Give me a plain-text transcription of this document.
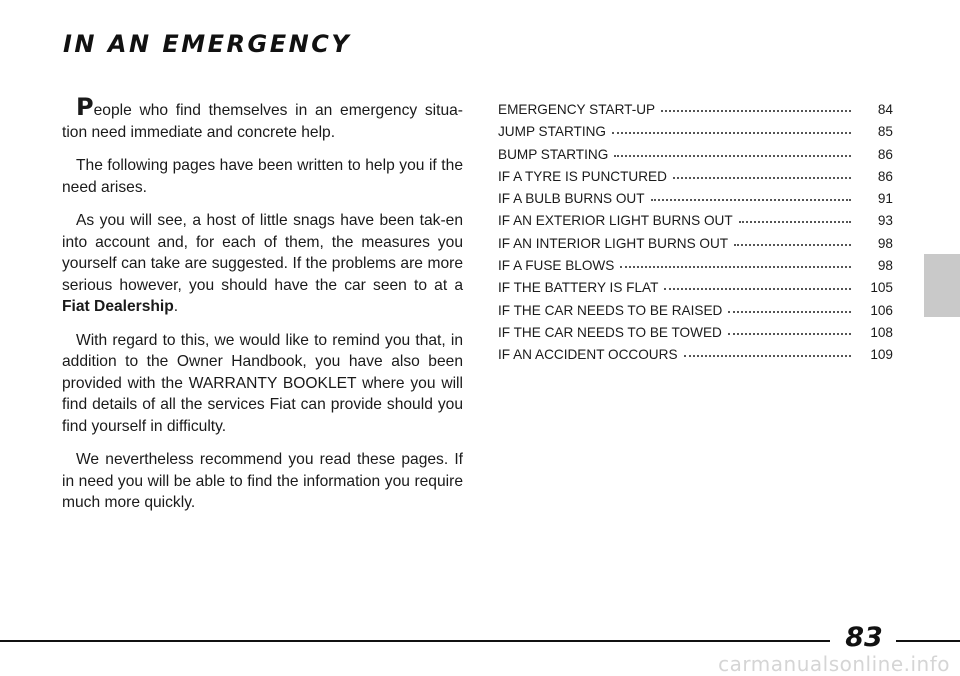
IN AN EMERGENCY

People who find themselves in an emergency situa-tion need immediate and concrete help.

The following pages have been written to help you if the need arises.

As you will see, a host of little snags have been tak-en into account and, for each of them, the measures you yourself can take are suggested. If the problems are more serious however, you should have the car seen to at a Fiat Dealership.

With regard to this, we would like to remind you that, in addition to the Owner Handbook, you have also been provided with the WARRANTY BOOKLET where you will find details of all the services Fiat can provide should you find yourself in difficulty.

We nevertheless recommend you read these pages. If in need you will be able to find the information you require much more quickly.

EMERGENCY START-UP	84
JUMP STARTING	85
BUMP STARTING	86
IF A TYRE IS PUNCTURED	86
IF A BULB BURNS OUT	91
IF AN EXTERIOR LIGHT BURNS OUT	93
IF AN INTERIOR LIGHT BURNS OUT	98
IF A FUSE BLOWS	98
IF THE BATTERY IS FLAT	105
IF THE CAR NEEDS TO BE RAISED	106
IF THE CAR NEEDS TO BE TOWED	108
IF AN ACCIDENT OCCOURS	109
83
carmanualsonline.info
